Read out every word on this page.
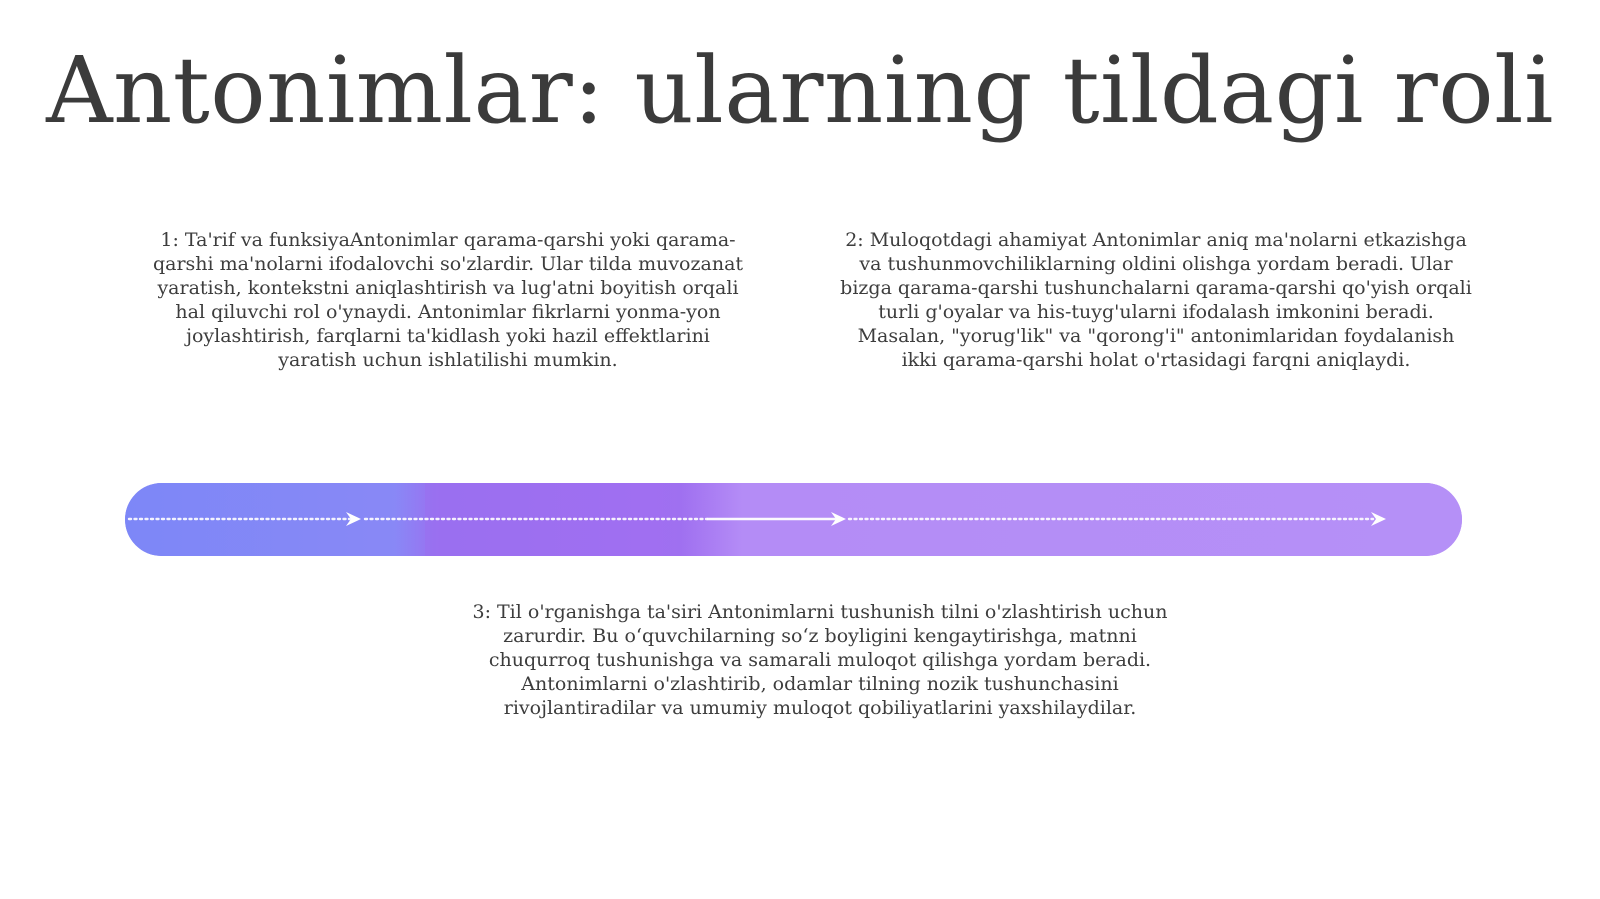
Antonimlar: ularning tildagi roli

1: Ta'rif va funksiyaAntonimlar qarama-qarshi yoki qarama-qarshi ma'nolarni ifodalovchi so'zlardir. Ular tilda muvozanat yaratish, kontekstni aniqlashtirish va lug'atni boyitish orqali hal qiluvchi rol o'ynaydi. Antonimlar fikrlarni yonma-yon joylashtirish, farqlarni ta'kidlash yoki hazil effektlarini yaratish uchun ishlatilishi mumkin.

2: Muloqotdagi ahamiyat Antonimlar aniq ma'nolarni etkazishga va tushunmovchiliklarning oldini olishga yordam beradi. Ular bizga qarama-qarshi tushunchalarni qarama-qarshi qo'yish orqali turli g'oyalar va his-tuyg'ularni ifodalash imkonini beradi. Masalan, "yorug'lik" va "qorong'i" antonimlaridan foydalanish ikki qarama-qarshi holat o'rtasidagi farqni aniqlaydi.

3: Til o'rganishga ta'siri Antonimlarni tushunish tilni o'zlashtirish uchun zarurdir. Bu o‘quvchilarning so‘z boyligini kengaytirishga, matnni chuqurroq tushunishga va samarali muloqot qilishga yordam beradi. Antonimlarni o'zlashtirib, odamlar tilning nozik tushunchasini rivojlantiradilar va umumiy muloqot qobiliyatlarini yaxshilaydilar.
